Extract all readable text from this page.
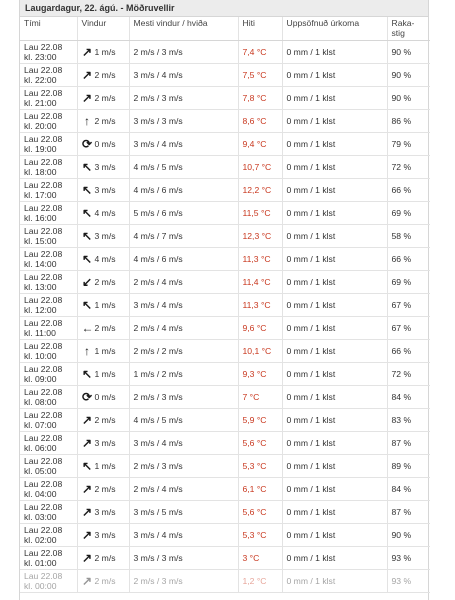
Laugardagur, 22. ágú. - Möðruvellir
Tími	Vindur	Mesti vindur / hviða	Hiti	Uppsöfnuð úrkoma	Raka-
stig
Lau 22.08
kl. 23:00	↗ 1 m/s	2 m/s / 3 m/s	7,4 °C	0 mm / 1 klst	90 %
Lau 22.08
kl. 22:00	↗ 2 m/s	3 m/s / 4 m/s	7,5 °C	0 mm / 1 klst	90 %
Lau 22.08
kl. 21:00	↗ 2 m/s	2 m/s / 3 m/s	7,8 °C	0 mm / 1 klst	90 %
Lau 22.08
kl. 20:00	↑ 2 m/s	3 m/s / 3 m/s	8,6 °C	0 mm / 1 klst	86 %
Lau 22.08
kl. 19:00	⟳ 0 m/s	3 m/s / 4 m/s	9,4 °C	0 mm / 1 klst	79 %
Lau 22.08
kl. 18:00	↖ 3 m/s	4 m/s / 5 m/s	10,7 °C	0 mm / 1 klst	72 %
Lau 22.08
kl. 17:00	↖ 3 m/s	4 m/s / 6 m/s	12,2 °C	0 mm / 1 klst	66 %
Lau 22.08
kl. 16:00	↖ 4 m/s	5 m/s / 6 m/s	11,5 °C	0 mm / 1 klst	69 %
Lau 22.08
kl. 15:00	↖ 3 m/s	4 m/s / 7 m/s	12,3 °C	0 mm / 1 klst	58 %
Lau 22.08
kl. 14:00	↖ 4 m/s	4 m/s / 6 m/s	11,3 °C	0 mm / 1 klst	66 %
Lau 22.08
kl. 13:00	↙ 2 m/s	2 m/s / 4 m/s	11,4 °C	0 mm / 1 klst	69 %
Lau 22.08
kl. 12:00	↖ 1 m/s	3 m/s / 4 m/s	11,3 °C	0 mm / 1 klst	67 %
Lau 22.08
kl. 11:00	← 2 m/s	2 m/s / 4 m/s	9,6 °C	0 mm / 1 klst	67 %
Lau 22.08
kl. 10:00	↑ 1 m/s	2 m/s / 2 m/s	10,1 °C	0 mm / 1 klst	66 %
Lau 22.08
kl. 09:00	↖ 1 m/s	1 m/s / 2 m/s	9,3 °C	0 mm / 1 klst	72 %
Lau 22.08
kl. 08:00	⟳ 0 m/s	2 m/s / 3 m/s	7 °C	0 mm / 1 klst	84 %
Lau 22.08
kl. 07:00	↗ 2 m/s	4 m/s / 5 m/s	5,9 °C	0 mm / 1 klst	83 %
Lau 22.08
kl. 06:00	↗ 3 m/s	3 m/s / 4 m/s	5,6 °C	0 mm / 1 klst	87 %
Lau 22.08
kl. 05:00	↖ 1 m/s	2 m/s / 3 m/s	5,3 °C	0 mm / 1 klst	89 %
Lau 22.08
kl. 04:00	↗ 2 m/s	2 m/s / 4 m/s	6,1 °C	0 mm / 1 klst	84 %
Lau 22.08
kl. 03:00	↗ 3 m/s	3 m/s / 5 m/s	5,6 °C	0 mm / 1 klst	87 %
Lau 22.08
kl. 02:00	↗ 3 m/s	3 m/s / 4 m/s	5,3 °C	0 mm / 1 klst	90 %
Lau 22.08
kl. 01:00	↗ 2 m/s	3 m/s / 3 m/s	3 °C	0 mm / 1 klst	93 %
Lau 22.08
kl. 00:00	↗ 2 m/s	2 m/s / 3 m/s	1,2 °C	0 mm / 1 klst	93 %
